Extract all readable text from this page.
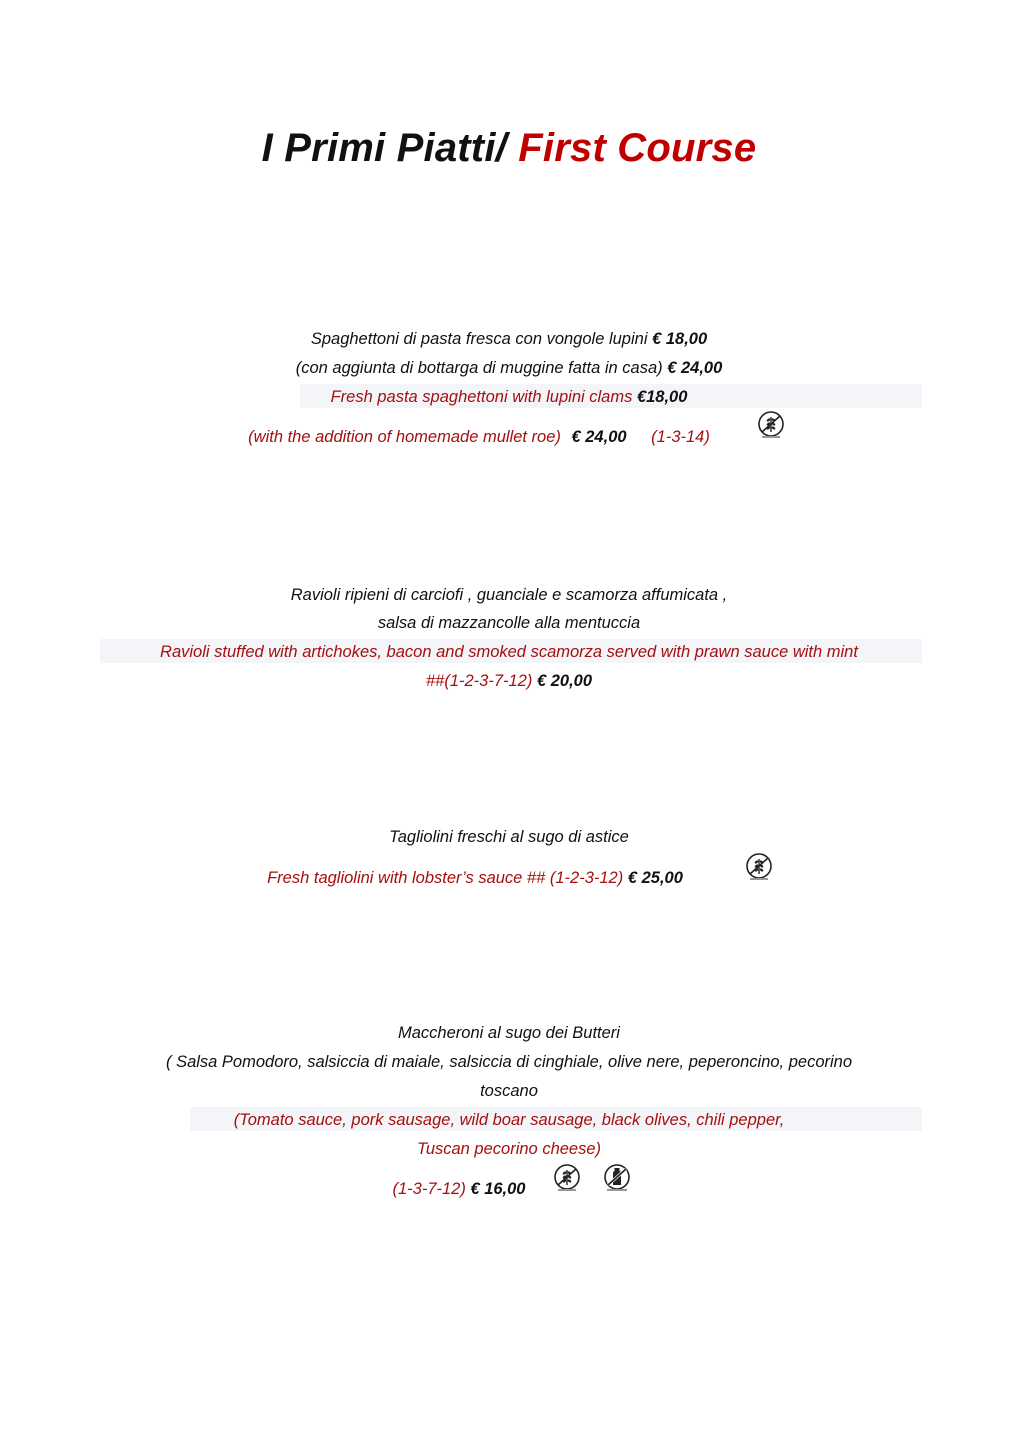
I Primi Piatti/ First Course
Spaghettoni di pasta fresca con vongole lupini € 18,00
(con aggiunta di bottarga di muggine fatta in casa) € 24,00
Fresh pasta spaghettoni with lupini clams €18,00
(with the addition of homemade mullet roe) € 24,00 (1-3-14)
Ravioli ripieni di carciofi , guanciale e scamorza affumicata ,
salsa di mazzancolle alla mentuccia
Ravioli stuffed with artichokes, bacon and smoked scamorza served with prawn sauce with mint
##(1-2-3-7-12) € 20,00
Tagliolini freschi al sugo di astice
Fresh tagliolini with lobster’s sauce ## (1-2-3-12) € 25,00
Maccheroni al sugo dei Butteri
( Salsa Pomodoro, salsiccia di maiale, salsiccia di cinghiale, olive nere, peperoncino, pecorino
toscano
(Tomato sauce, pork sausage, wild boar sausage, black olives, chili pepper,
Tuscan pecorino cheese)
(1-3-7-12) € 16,00
